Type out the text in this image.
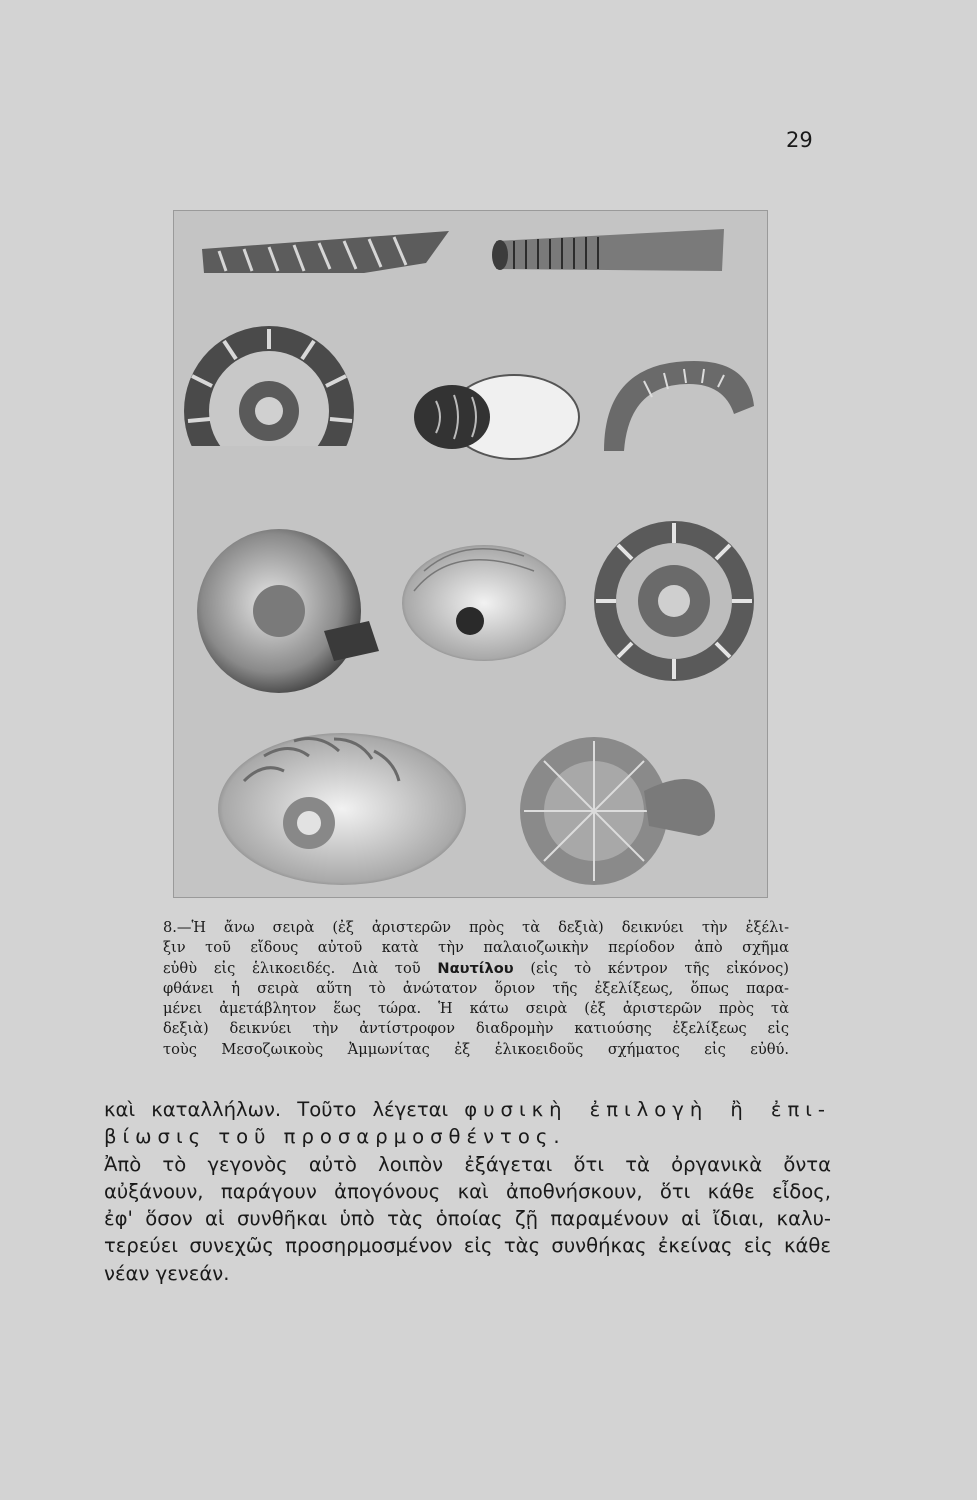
29
8.—Ἡ ἄνω σειρὰ (ἐξ ἀριστερῶν πρὸς τὰ δεξιὰ) δεικνύει τὴν ἐξέλι-
ξιν τοῦ εἴδους αὐτοῦ κατὰ τὴν παλαιοζωικὴν περίοδον ἀπὸ σχῆμα
εὐθὺ εἰς ἑλικοειδές. Διὰ τοῦ Ναυτίλου (εἰς τὸ κέντρον τῆς εἰκόνος)
φθάνει ἡ σειρὰ αὕτη τὸ ἀνώτατον ὅριον τῆς ἐξελίξεως, ὅπως παρα-
μένει ἀμετάβλητον ἕως τώρα. Ἡ κάτω σειρὰ (ἐξ ἀριστερῶν πρὸς τὰ
δεξιὰ) δεικνύει τὴν ἀντίστροφον διαδρομὴν κατιούσης ἐξελίξεως εἰς
τοὺς Μεσοζωικοὺς Ἀμμωνίτας ἐξ ἑλικοειδοῦς σχήματος εἰς εὐθύ.
καὶ καταλλήλων. Τοῦτο λέγεται φυσικὴ ἐπιλογὴ ἢ ἐπι-
βίωσις τοῦ προσαρμοσθέντος.
Ἀπὸ τὸ γεγονὸς αὐτὸ λοιπὸν ἐξάγεται ὅτι τὰ ὀργανικὰ ὄντα
αὐξάνουν, παράγουν ἀπογόνους καὶ ἀποθνήσκουν, ὅτι κάθε εἶδος,
ἐφ' ὅσον αἱ συνθῆκαι ὑπὸ τὰς ὁποίας ζῇ παραμένουν αἱ ἴδιαι, καλυ-
τερεύει συνεχῶς προσηρμοσμένον εἰς τὰς συνθήκας ἐκείνας εἰς κάθε
νέαν γενεάν.
